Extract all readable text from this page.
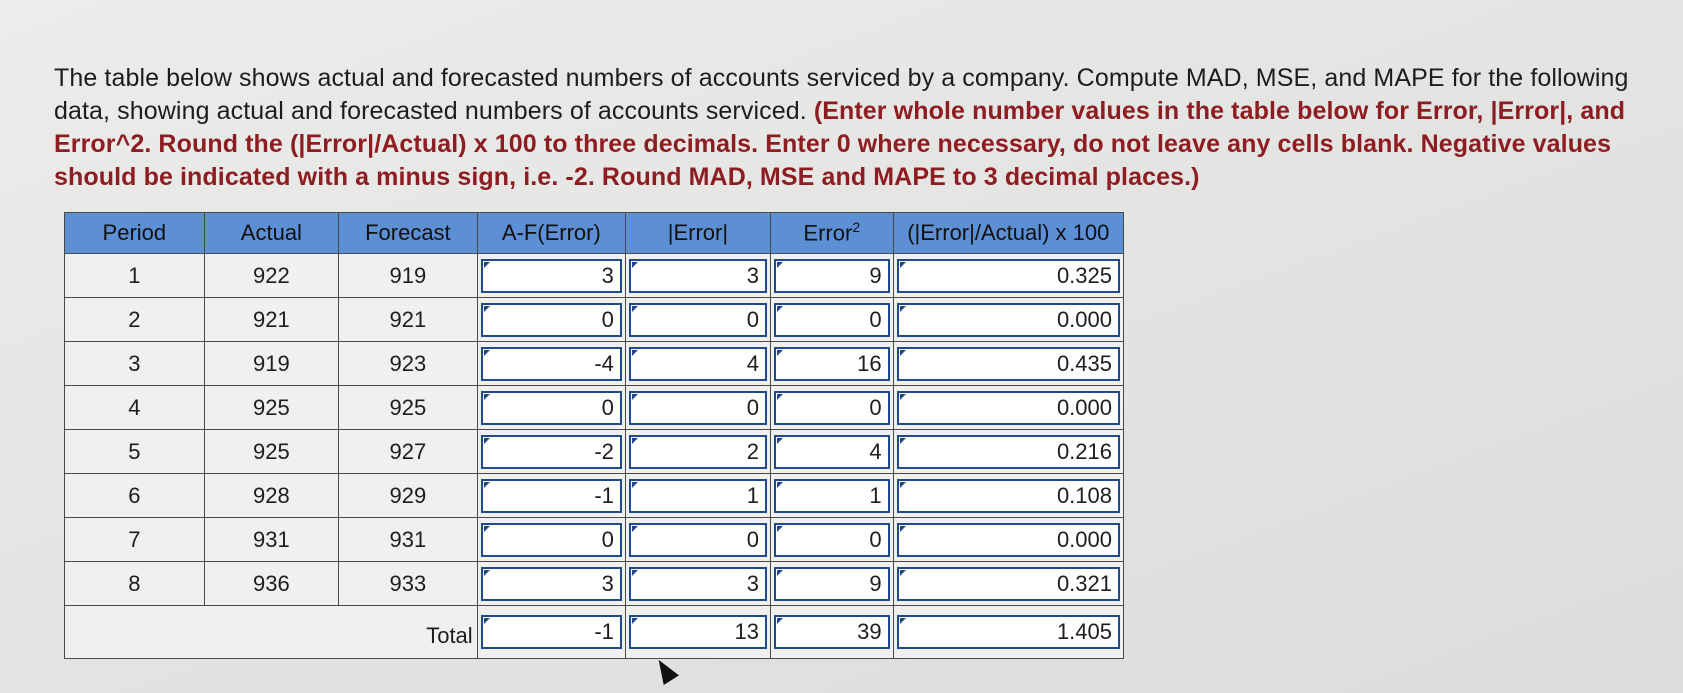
The table below shows actual and forecasted numbers of accounts serviced by a company. Compute MAD, MSE, and MAPE for the following data, showing actual and forecasted numbers of accounts serviced. (Enter whole number values in the table below for Error, |Error|, and Error^2. Round the (|Error|/Actual) x 100 to three decimals. Enter 0 where necessary, do not leave any cells blank. Negative values should be indicated with a minus sign, i.e. -2. Round MAD, MSE and MAPE to 3 decimal places.)
Period	Actual	Forecast	A-F(Error)	|Error|	Error$^2$	(|Error|/Actual) x 100
1	922	919	3	3	9	0.325

2	921	921	0	0	0	0.000

3	919	923	-4	4	16	0.435

4	925	925	0	0	0	0.000

5	925	927	-2	2	4	0.216

6	928	929	-1	1	1	0.108

7	931	931	0	0	0	0.000

8	936	933	3	3	9	0.321

Total			-1	13	39	1.405
